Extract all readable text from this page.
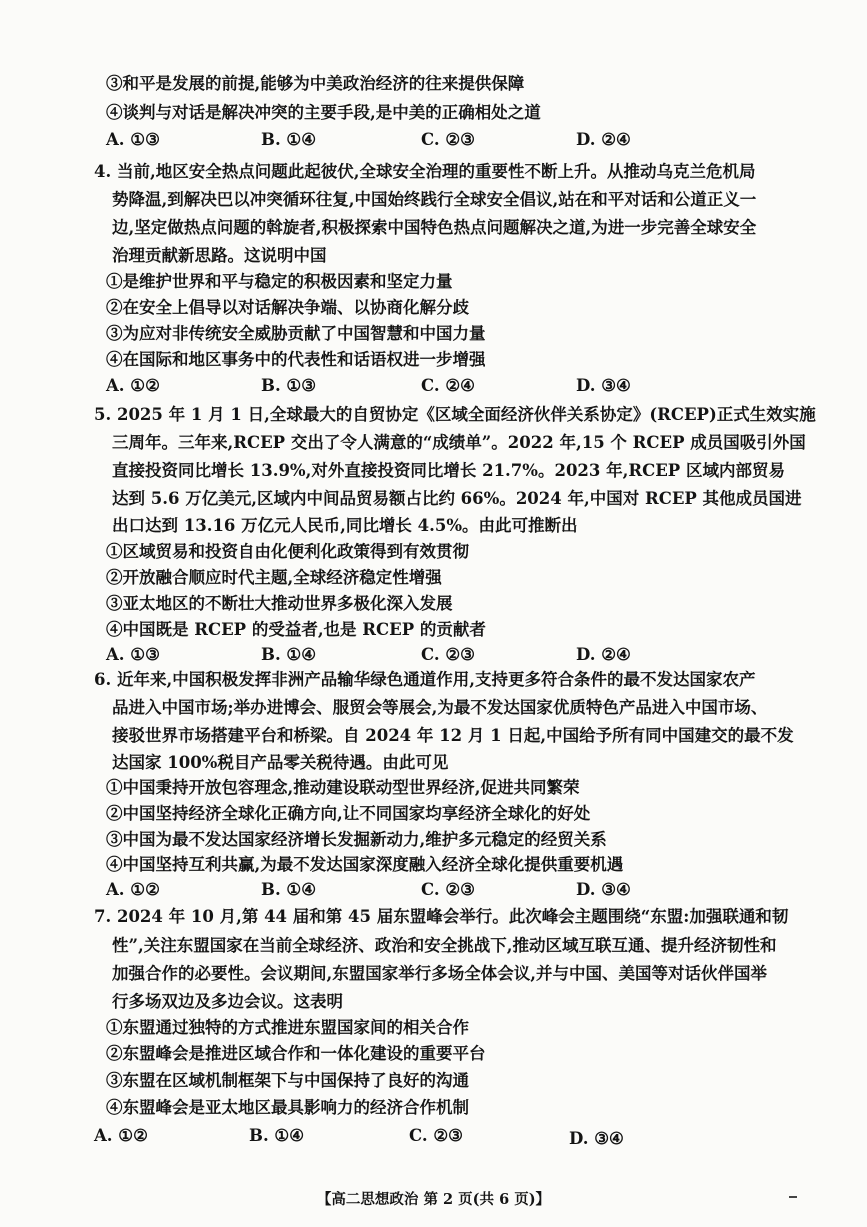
③和平是发展的前提,能够为中美政治经济的往来提供保障
④谈判与对话是解决冲突的主要手段,是中美的正确相处之道
A. ①③	B. ①④	C. ②③	D. ②④
4. 当前,地区安全热点问题此起彼伏,全球安全治理的重要性不断上升。从推动乌克兰危机局
势降温,到解决巴以冲突循环往复,中国始终践行全球安全倡议,站在和平对话和公道正义一
边,坚定做热点问题的斡旋者,积极探索中国特色热点问题解决之道,为进一步完善全球安全
治理贡献新思路。这说明中国
①是维护世界和平与稳定的积极因素和坚定力量
②在安全上倡导以对话解决争端、以协商化解分歧
③为应对非传统安全威胁贡献了中国智慧和中国力量
④在国际和地区事务中的代表性和话语权进一步增强
A. ①②	B. ①③	C. ②④	D. ③④
5. 2025 年 1 月 1 日,全球最大的自贸协定《区域全面经济伙伴关系协定》(RCEP)正式生效实施
三周年。三年来,RCEP 交出了令人满意的“成绩单”。2022 年,15 个 RCEP 成员国吸引外国
直接投资同比增长 13.9%,对外直接投资同比增长 21.7%。2023 年,RCEP 区域内部贸易
达到 5.6 万亿美元,区域内中间品贸易额占比约 66%。2024 年,中国对 RCEP 其他成员国进
出口达到 13.16 万亿元人民币,同比增长 4.5%。由此可推断出
①区域贸易和投资自由化便利化政策得到有效贯彻
②开放融合顺应时代主题,全球经济稳定性增强
③亚太地区的不断壮大推动世界多极化深入发展
④中国既是 RCEP 的受益者,也是 RCEP 的贡献者
A. ①③	B. ①④	C. ②③	D. ②④
6. 近年来,中国积极发挥非洲产品输华绿色通道作用,支持更多符合条件的最不发达国家农产
品进入中国市场;举办进博会、服贸会等展会,为最不发达国家优质特色产品进入中国市场、
接驳世界市场搭建平台和桥梁。自 2024 年 12 月 1 日起,中国给予所有同中国建交的最不发
达国家 100%税目产品零关税待遇。由此可见
①中国秉持开放包容理念,推动建设联动型世界经济,促进共同繁荣
②中国坚持经济全球化正确方向,让不同国家均享经济全球化的好处
③中国为最不发达国家经济增长发掘新动力,维护多元稳定的经贸关系
④中国坚持互利共赢,为最不发达国家深度融入经济全球化提供重要机遇
A. ①②	B. ①④	C. ②③	D. ③④
7. 2024 年 10 月,第 44 届和第 45 届东盟峰会举行。此次峰会主题围绕“东盟:加强联通和韧
性”,关注东盟国家在当前全球经济、政治和安全挑战下,推动区域互联互通、提升经济韧性和
加强合作的必要性。会议期间,东盟国家举行多场全体会议,并与中国、美国等对话伙伴国举
行多场双边及多边会议。这表明
①东盟通过独特的方式推进东盟国家间的相关合作
②东盟峰会是推进区域合作和一体化建设的重要平台
③东盟在区域机制框架下与中国保持了良好的沟通
④东盟峰会是亚太地区最具影响力的经济合作机制
A. ①②	B. ①④	C. ②③	D. ③④
【高二思想政治 第 2 页(共 6 页)】
